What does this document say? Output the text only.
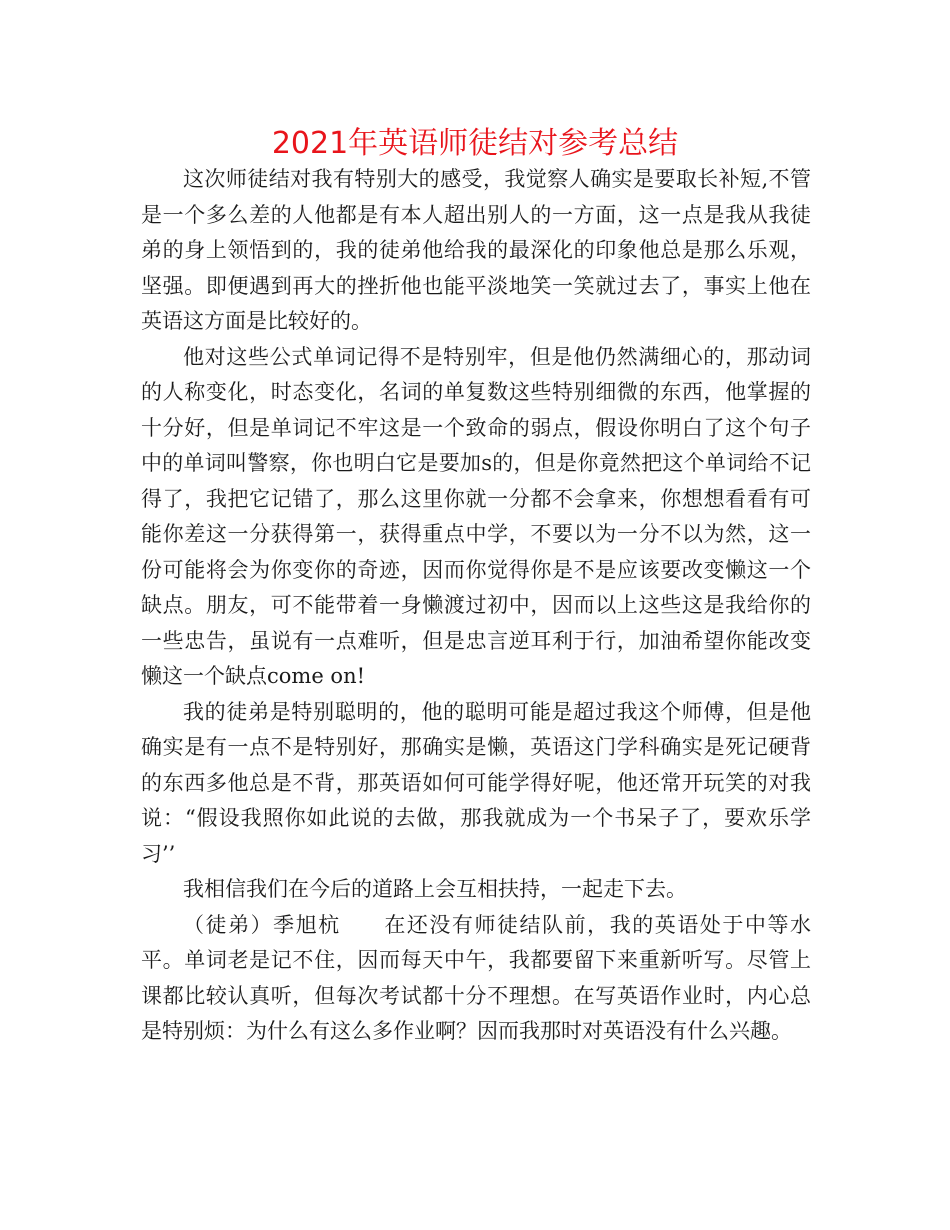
2021年英语师徒结对参考总结

这次师徒结对我有特别大的感受，我觉察人确实是要取长补短,不管是一个多么差的人他都是有本人超出别人的一方面，这一点是我从我徒弟的身上领悟到的，我的徒弟他给我的最深化的印象他总是那么乐观，坚强。即便遇到再大的挫折他也能平淡地笑一笑就过去了，事实上他在英语这方面是比较好的。

他对这些公式单词记得不是特别牢，但是他仍然满细心的，那动词的人称变化，时态变化，名词的单复数这些特别细微的东西，他掌握的十分好，但是单词记不牢这是一个致命的弱点，假设你明白了这个句子中的单词叫警察，你也明白它是要加s的，但是你竟然把这个单词给不记得了，我把它记错了，那么这里你就一分都不会拿来，你想想看看有可能你差这一分获得第一，获得重点中学，不要以为一分不以为然，这一份可能将会为你变你的奇迹，因而你觉得你是不是应该要改变懒这一个缺点。朋友，可不能带着一身懒渡过初中，因而以上这些这是我给你的一些忠告，虽说有一点难听，但是忠言逆耳利于行，加油希望你能改变懒这一个缺点come on!

我的徒弟是特别聪明的，他的聪明可能是超过我这个师傅，但是他确实是有一点不是特别好，那确实是懒，英语这门学科确实是死记硬背的东西多他总是不背，那英语如何可能学得好呢，他还常开玩笑的对我说：“假设我照你如此说的去做，那我就成为一个书呆子了，要欢乐学习’’

我相信我们在今后的道路上会互相扶持，一起走下去。

（徒弟）季旭杭 在还没有师徒结队前，我的英语处于中等水平。单词老是记不住，因而每天中午，我都要留下来重新听写。尽管上课都比较认真听，但每次考试都十分不理想。在写英语作业时，内心总是特别烦：为什么有这么多作业啊？因而我那时对英语没有什么兴趣。
